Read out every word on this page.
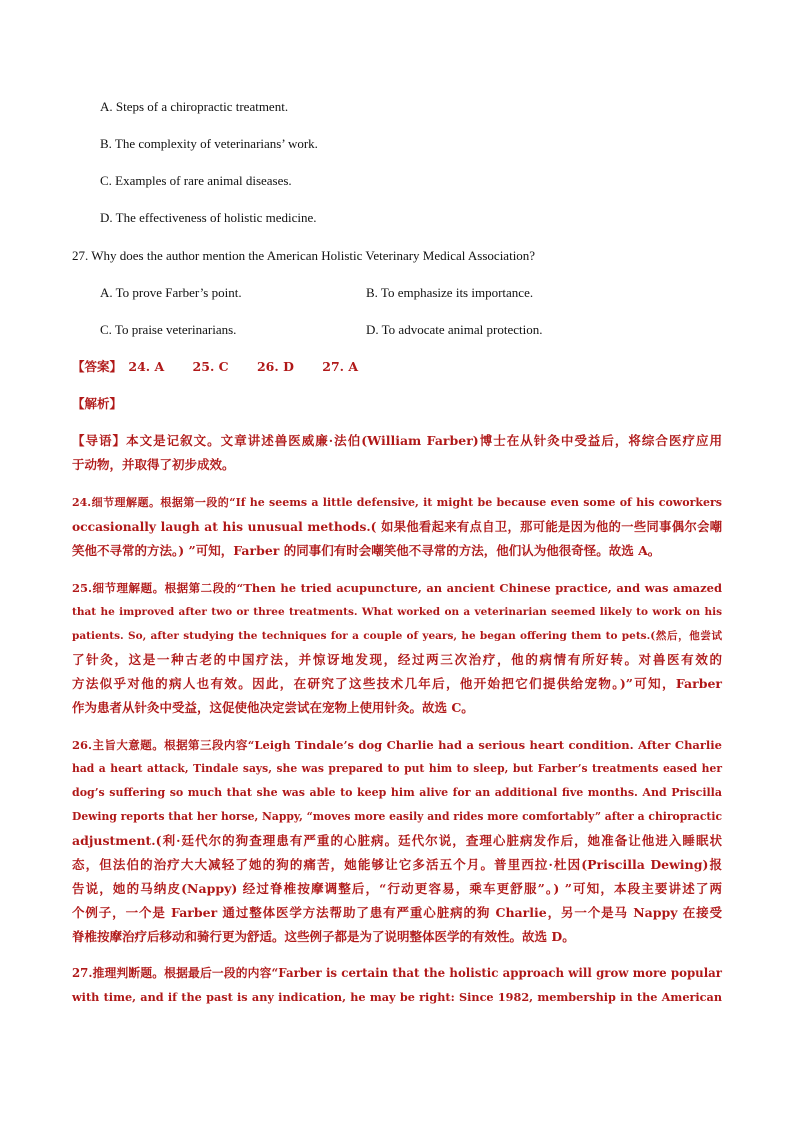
A. Steps of a chiropractic treatment.
B. The complexity of veterinarians’ work.
C. Examples of rare animal diseases.
D. The effectiveness of holistic medicine.
27. Why does the author mention the American Holistic Veterinary Medical Association?
A. To prove Farber’s point.	B. To emphasize its importance.
C. To praise veterinarians.	D. To advocate animal protection.
【答案】 24. A 25. C 26. D 27. A
【解析】
【导语】本文是记叙文。文章讲述兽医威廉·法伯(William Farber)博士在从针灸中受益后，将综合医疗应用
于动物，并取得了初步成效。
24.细节理解题。根据第一段的“If he seems a little defensive, it might be because even some of his coworkers
occasionally laugh at his unusual methods.( 如果他看起来有点自卫，那可能是因为他的一些同事偶尔会嘲
笑他不寻常的方法。) ”可知，Farber 的同事们有时会嘲笑他不寻常的方法，他们认为他很奇怪。故选 A。
25.细节理解题。根据第二段的“Then he tried acupuncture, an ancient Chinese practice, and was amazed
that he improved after two or three treatments. What worked on a veterinarian seemed likely to work on his
patients. So, after studying the techniques for a couple of years, he began offering them to pets.(然后，他尝试
了针灸，这是一种古老的中国疗法，并惊讶地发现，经过两三次治疗，他的病情有所好转。对兽医有效的
方法似乎对他的病人也有效。因此，在研究了这些技术几年后，他开始把它们提供给宠物。)”可知，Farber
作为患者从针灸中受益，这促使他决定尝试在宠物上使用针灸。故选 C。
26.主旨大意题。根据第三段内容“Leigh Tindale’s dog Charlie had a serious heart condition. After Charlie
had a heart attack, Tindale says, she was prepared to put him to sleep, but Farber’s treatments eased her
dog’s suffering so much that she was able to keep him alive for an additional five months. And Priscilla
Dewing reports that her horse, Nappy, “moves more easily and rides more comfortably” after a chiropractic
adjustment.(利·廷代尔的狗查理患有严重的心脏病。廷代尔说，查理心脏病发作后，她准备让他进入睡眠状
态，但法伯的治疗大大减轻了她的狗的痛苦，她能够让它多活五个月。普里西拉·杜因(Priscilla Dewing)报
告说，她的马纳皮(Nappy) 经过脊椎按摩调整后，“行动更容易，乘车更舒服”。) ”可知，本段主要讲述了两
个例子，一个是 Farber 通过整体医学方法帮助了患有严重心脏病的狗 Charlie，另一个是马 Nappy 在接受
脊椎按摩治疗后移动和骑行更为舒适。这些例子都是为了说明整体医学的有效性。故选 D。
27.推理判断题。根据最后一段的内容“Farber is certain that the holistic approach will grow more popular
with time, and if the past is any indication, he may be right: Since 1982, membership in the American
